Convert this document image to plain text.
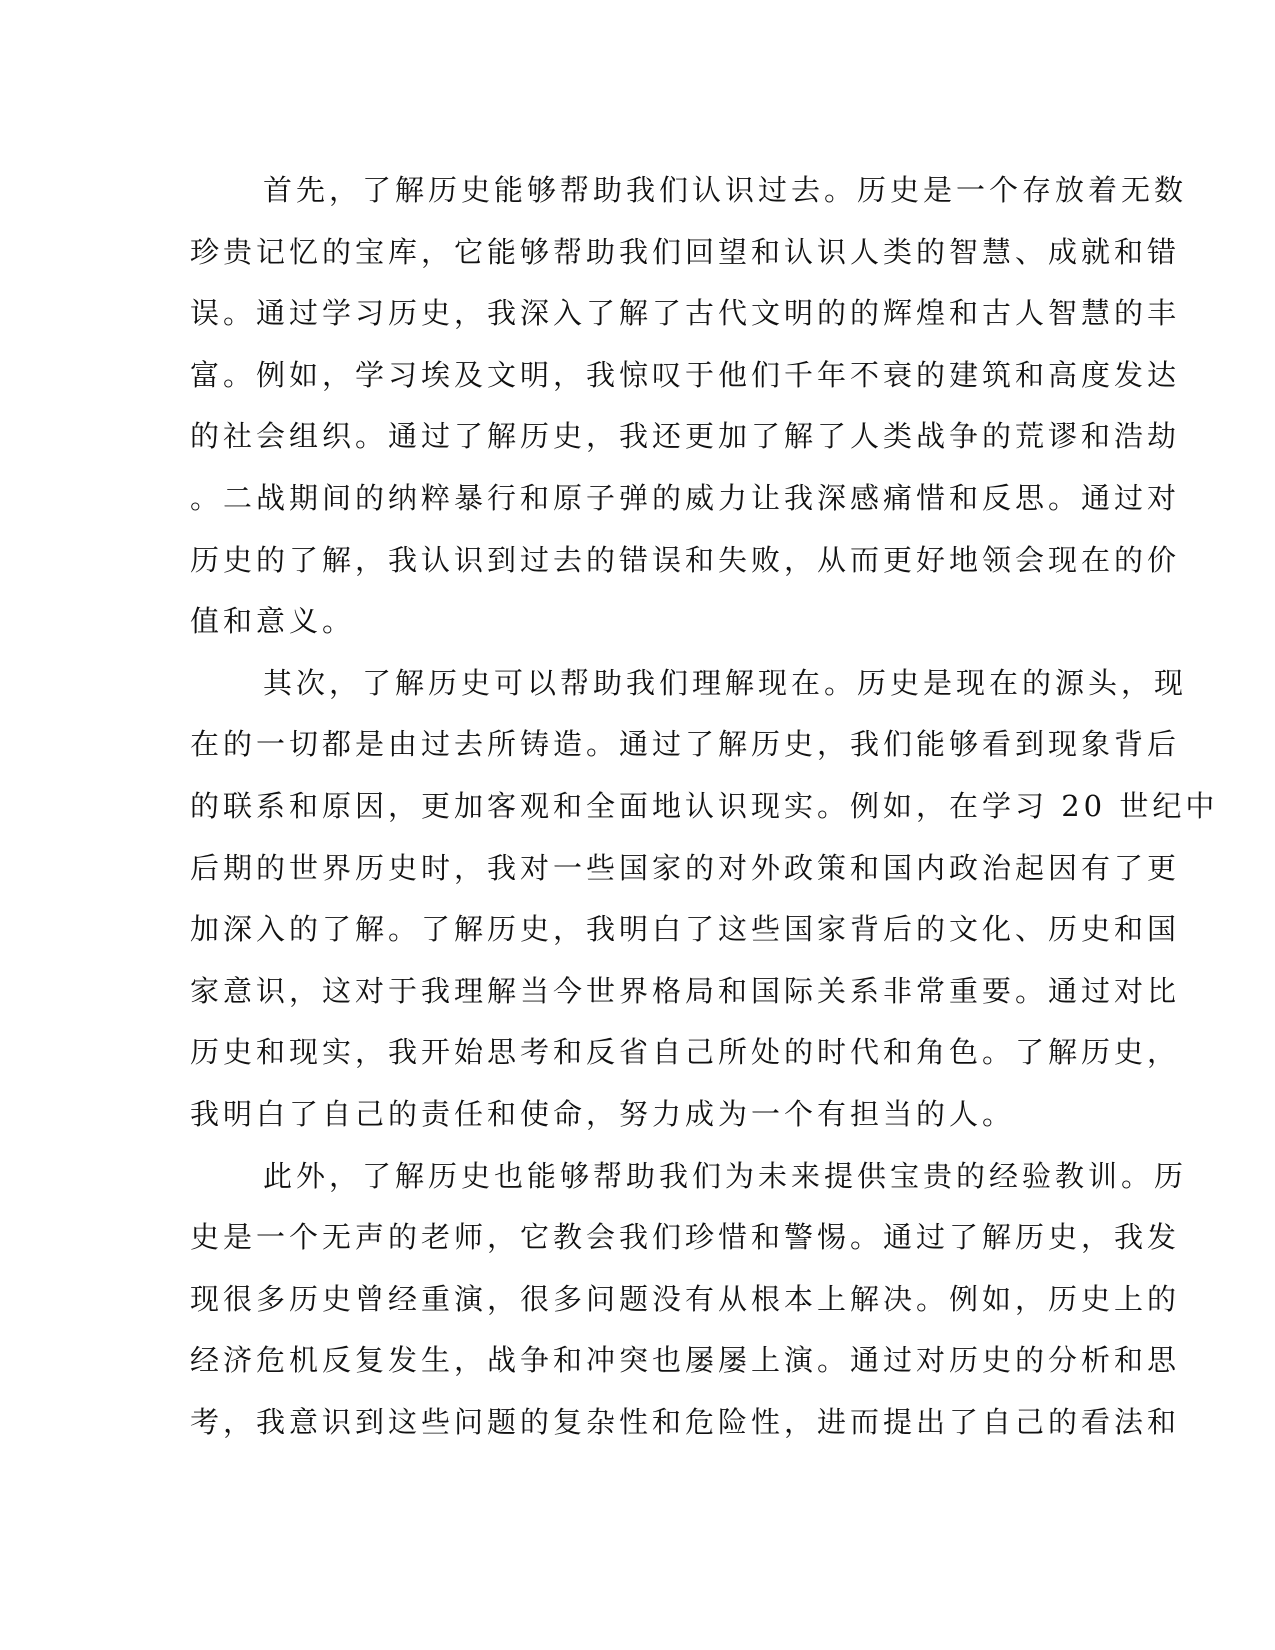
首先，了解历史能够帮助我们认识过去。历史是一个存放着无数
珍贵记忆的宝库，它能够帮助我们回望和认识人类的智慧、成就和错
误。通过学习历史，我深入了解了古代文明的的辉煌和古人智慧的丰
富。例如，学习埃及文明，我惊叹于他们千年不衰的建筑和高度发达
的社会组织。通过了解历史，我还更加了解了人类战争的荒谬和浩劫
。二战期间的纳粹暴行和原子弹的威力让我深感痛惜和反思。通过对
历史的了解，我认识到过去的错误和失败，从而更好地领会现在的价
值和意义。
其次，了解历史可以帮助我们理解现在。历史是现在的源头，现
在的一切都是由过去所铸造。通过了解历史，我们能够看到现象背后
的联系和原因，更加客观和全面地认识现实。例如，在学习 20 世纪中
后期的世界历史时，我对一些国家的对外政策和国内政治起因有了更
加深入的了解。了解历史，我明白了这些国家背后的文化、历史和国
家意识，这对于我理解当今世界格局和国际关系非常重要。通过对比
历史和现实，我开始思考和反省自己所处的时代和角色。了解历史，
我明白了自己的责任和使命，努力成为一个有担当的人。
此外，了解历史也能够帮助我们为未来提供宝贵的经验教训。历
史是一个无声的老师，它教会我们珍惜和警惕。通过了解历史，我发
现很多历史曾经重演，很多问题没有从根本上解决。例如，历史上的
经济危机反复发生，战争和冲突也屡屡上演。通过对历史的分析和思
考，我意识到这些问题的复杂性和危险性，进而提出了自己的看法和
